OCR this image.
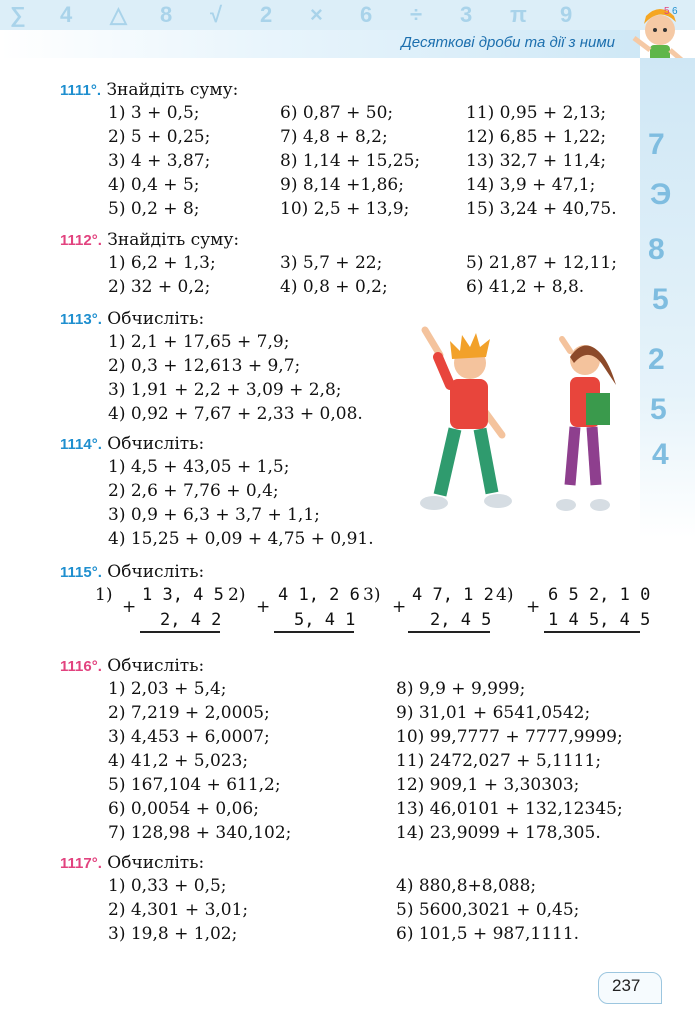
∑ 4 △ 8 √ 2 × 6 ÷ 3 π 9
Десяткові дроби та дії з ними
5 6
7
Э
8
5
2
5
4
1111°. Знайдіть суму:
1) 3 + 0,5;
2) 5 + 0,25;
3) 4 + 3,87;
4) 0,4 + 5;
5) 0,2 + 8;
6) 0,87 + 50;
7) 4,8 + 8,2;
8) 1,14 + 15,25;
9) 8,14 +1,86;
10) 2,5 + 13,9;
11) 0,95 + 2,13;
12) 6,85 + 1,22;
13) 32,7 + 11,4;
14) 3,9 + 47,1;
15) 3,24 + 40,75.
1112°. Знайдіть суму:
1) 6,2 + 1,3;
2) 32 + 0,2;
3) 5,7 + 22;
4) 0,8 + 0,2;
5) 21,87 + 12,11;
6) 41,2 + 8,8.
1113°. Обчисліть:
1) 2,1 + 17,65 + 7,9;
2) 0,3 + 12,613 + 9,7;
3) 1,91 + 2,2 + 3,09 + 2,8;
4) 0,92 + 7,67 + 2,33 + 0,08.
1114°. Обчисліть:
1) 4,5 + 43,05 + 1,5;
2) 2,6 + 7,76 + 0,4;
3) 0,9 + 6,3 + 3,7 + 1,1;
4) 15,25 + 0,09 + 4,75 + 0,91.
1115°. Обчисліть:
1)
+
1 3, 4 5
2, 4 2
2)
+
4 1, 2 6
5, 4 1
3)
+
4 7, 1 2
2, 4 5
4)
+
6 5 2, 1 0
1 4 5, 4 5
1116°. Обчисліть:
1) 2,03 + 5,4;
2) 7,219 + 2,0005;
3) 4,453 + 6,0007;
4) 41,2 + 5,023;
5) 167,104 + 611,2;
6) 0,0054 + 0,06;
7) 128,98 + 340,102;
8) 9,9 + 9,999;
9) 31,01 + 6541,0542;
10) 99,7777 + 7777,9999;
11) 2472,027 + 5,1111;
12) 909,1 + 3,30303;
13) 46,0101 + 132,12345;
14) 23,9099 + 178,305.
1117°. Обчисліть:
1) 0,33 + 0,5;
2) 4,301 + 3,01;
3) 19,8 + 1,02;
4) 880,8+8,088;
5) 5600,3021 + 0,45;
6) 101,5 + 987,1111.
237
